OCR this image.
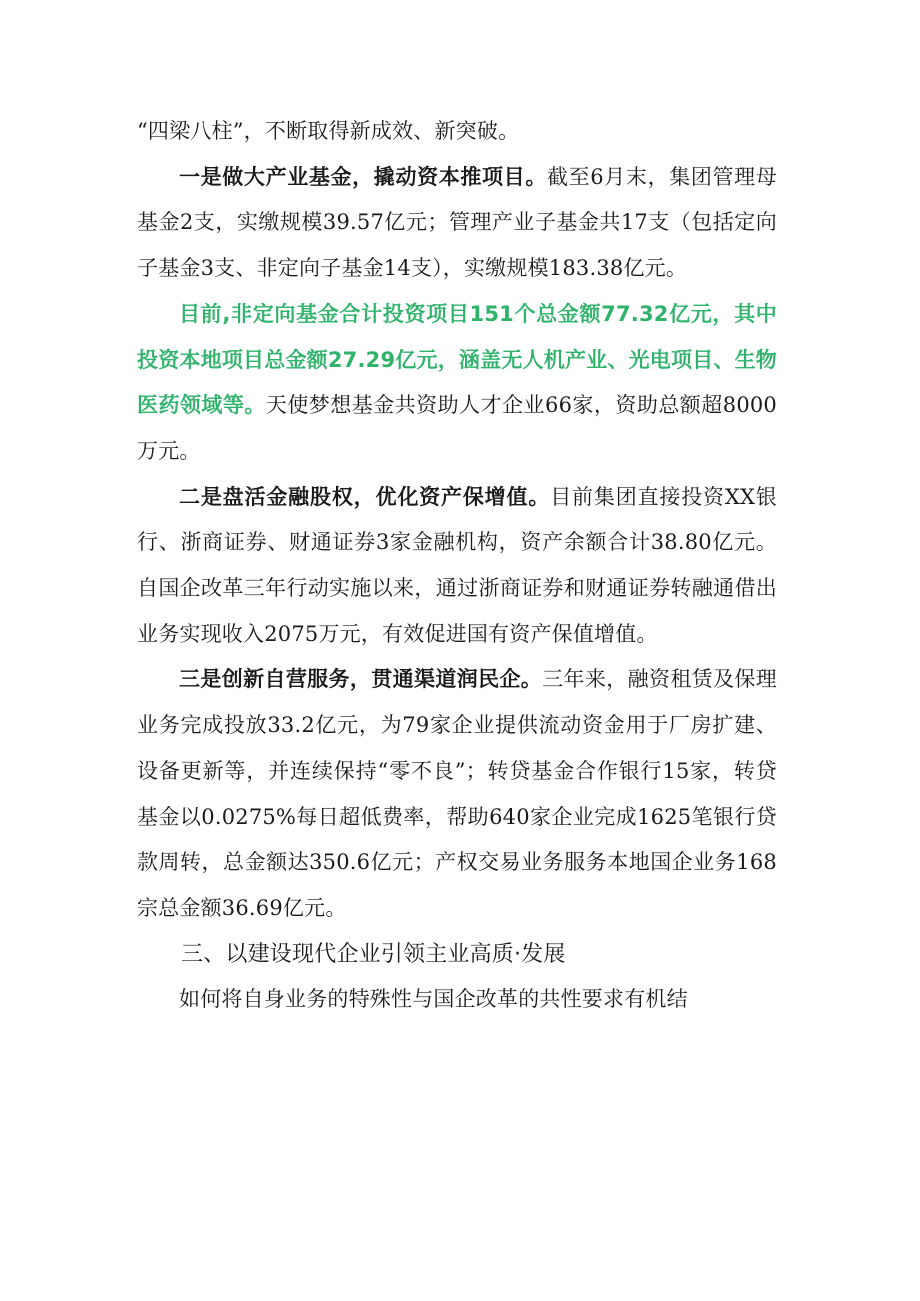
“四梁八柱”，不断取得新成效、新突破。

一是做大产业基金，撬动资本推项目。截至6月末，集团管理母基金2支，实缴规模39.57亿元；管理产业子基金共17支（包括定向子基金3支、非定向子基金14支），实缴规模183.38亿元。

目前,非定向基金合计投资项目151个总金额77.32亿元，其中投资本地项目总金额27.29亿元，涵盖无人机产业、光电项目、生物医药领域等。天使梦想基金共资助人才企业66家，资助总额超8000万元。

二是盘活金融股权，优化资产保增值。目前集团直接投资XX银行、浙商证券、财通证券3家金融机构，资产余额合计38.80亿元。自国企改革三年行动实施以来，通过浙商证券和财通证券转融通借出业务实现收入2075万元，有效促进国有资产保值增值。

三是创新自营服务，贯通渠道润民企。三年来，融资租赁及保理业务完成投放33.2亿元，为79家企业提供流动资金用于厂房扩建、设备更新等，并连续保持“零不良”；转贷基金合作银行15家，转贷基金以0.0275%每日超低费率，帮助640家企业完成1625笔银行贷款周转，总金额达350.6亿元；产权交易业务服务本地国企业务168宗总金额36.69亿元。

三、以建设现代企业引领主业高质·发展

如何将自身业务的特殊性与国企改革的共性要求有机结
